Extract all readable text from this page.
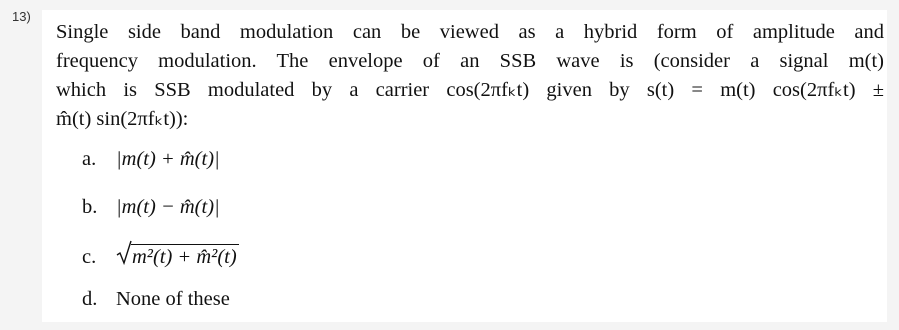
13)
Single side band modulation can be viewed as a hybrid form of amplitude and
frequency modulation. The envelope of an SSB wave is (consider a signal m(t)
which is SSB modulated by a carrier cos(2πfₖt) given by s(t) = m(t) cos(2πfₖt) ±
m̂(t) sin(2πfₖt)):
a. |m(t) + m̂(t)|
b. |m(t) − m̂(t)|
c. m²(t) + m̂²(t)
d. None of these
